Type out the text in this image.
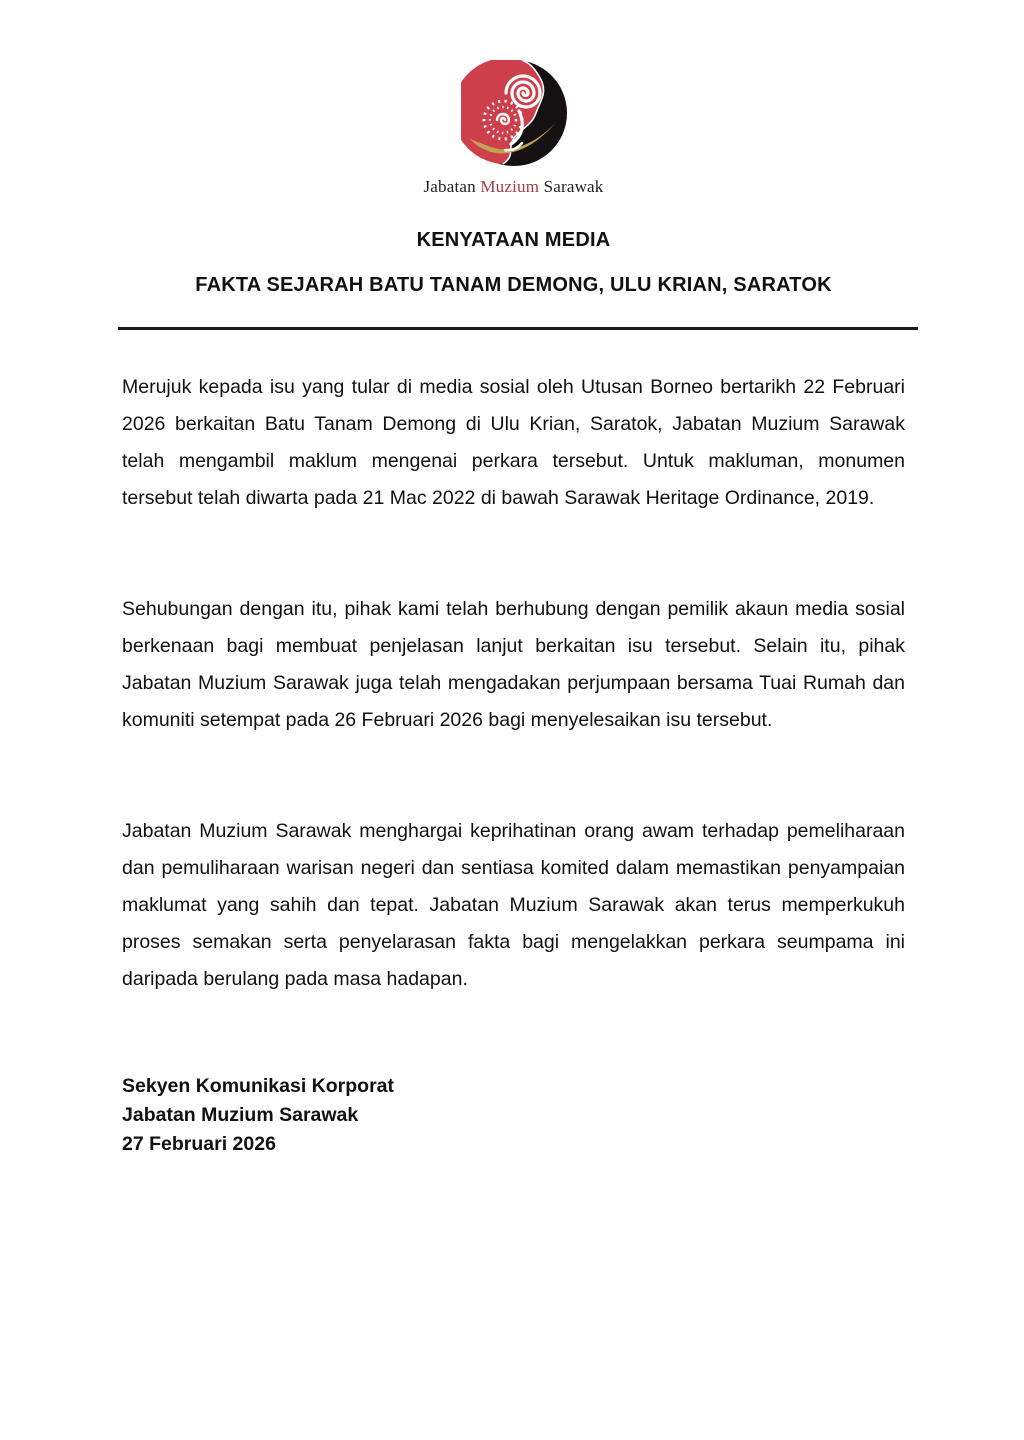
Jabatan Muzium Sarawak
KENYATAAN MEDIA
FAKTA SEJARAH BATU TANAM DEMONG, ULU KRIAN, SARATOK

Merujuk kepada isu yang tular di media sosial oleh Utusan Borneo bertarikh 22 Februari 2026 berkaitan Batu Tanam Demong di Ulu Krian, Saratok, Jabatan Muzium Sarawak telah mengambil maklum mengenai perkara tersebut. Untuk makluman, monumen tersebut telah diwarta pada 21 Mac 2022 di bawah Sarawak Heritage Ordinance, 2019.

Sehubungan dengan itu, pihak kami telah berhubung dengan pemilik akaun media sosial berkenaan bagi membuat penjelasan lanjut berkaitan isu tersebut. Selain itu, pihak Jabatan Muzium Sarawak juga telah mengadakan perjumpaan bersama Tuai Rumah dan komuniti setempat pada 26 Februari 2026 bagi menyelesaikan isu tersebut.

Jabatan Muzium Sarawak menghargai keprihatinan orang awam terhadap pemeliharaan dan pemuliharaan warisan negeri dan sentiasa komited dalam memastikan penyampaian maklumat yang sahih dan tepat. Jabatan Muzium Sarawak akan terus memperkukuh proses semakan serta penyelarasan fakta bagi mengelakkan perkara seumpama ini daripada berulang pada masa hadapan.

Sekyen Komunikasi Korporat
Jabatan Muzium Sarawak
27 Februari 2026
